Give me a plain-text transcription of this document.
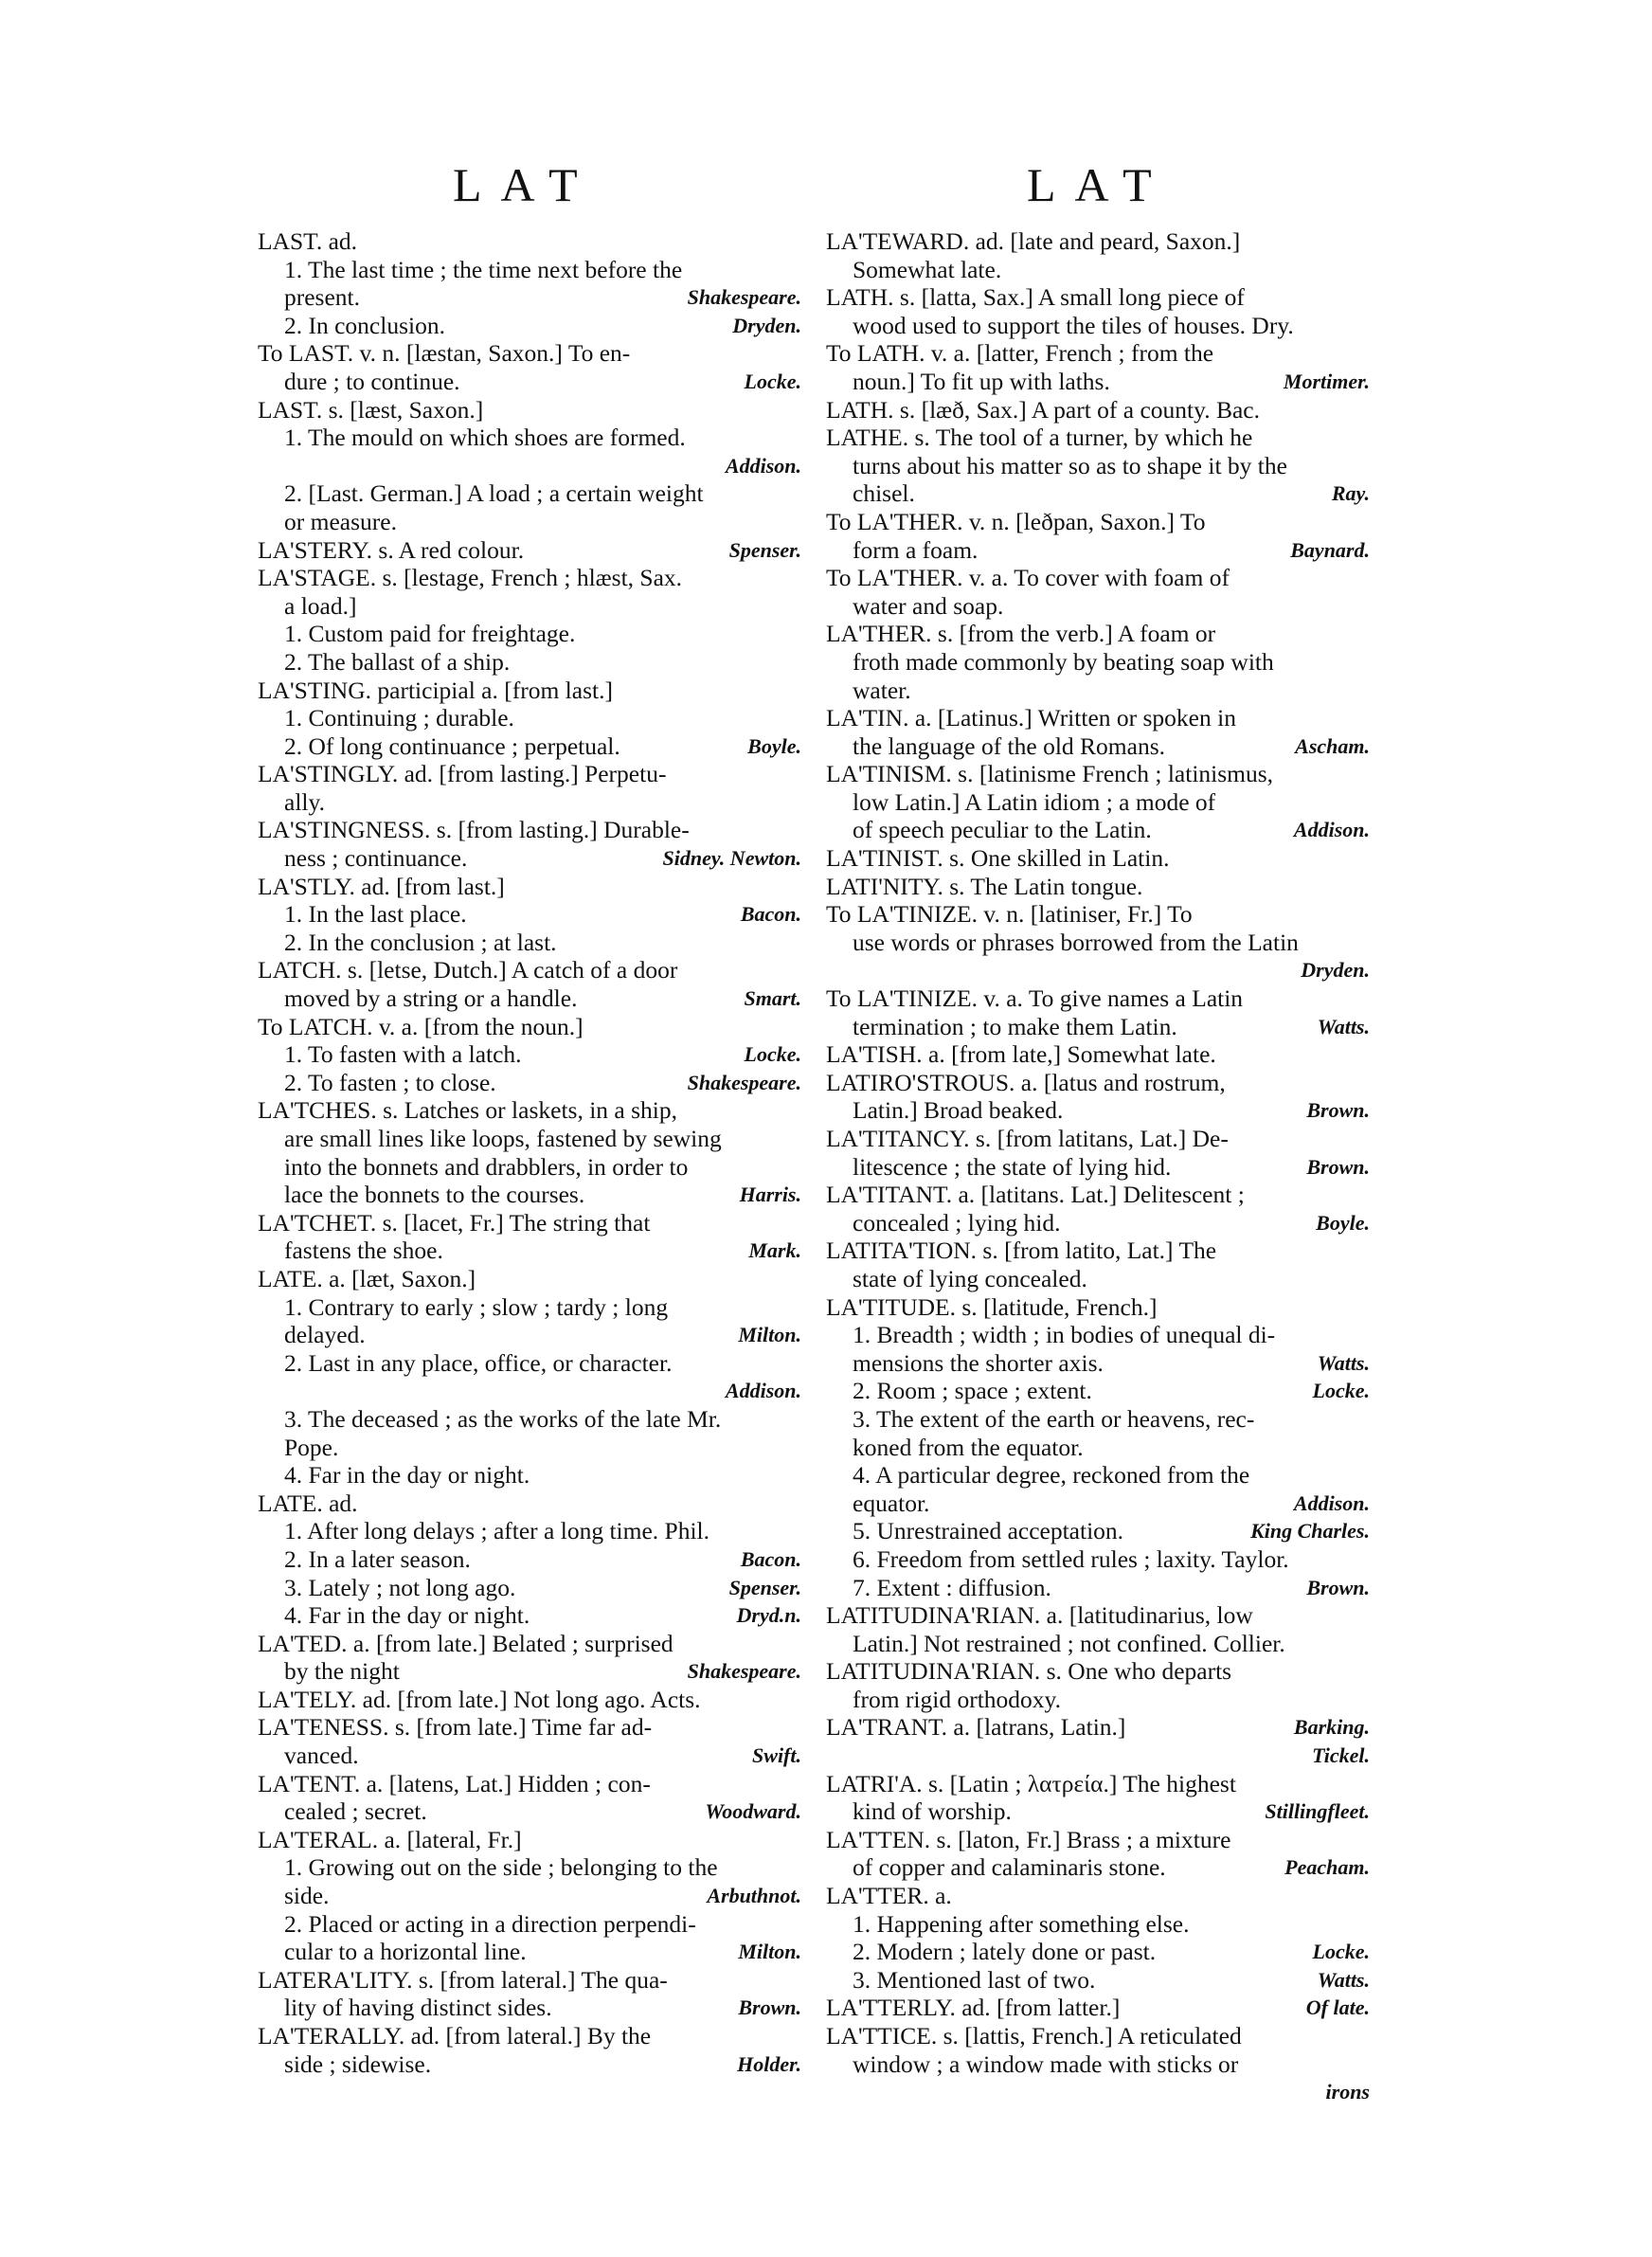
LAT	LAT
LAST. ad.
1. The last time ; the time next before the
present.	Shakespeare.
2. In conclusion.	Dryden.
To LAST. v. n. [læstan, Saxon.] To en-
dure ; to continue.	Locke.
LAST. s. [læst, Saxon.]
1. The mould on which shoes are formed.
Addison.
2. [Last. German.] A load ; a certain weight
or measure.
LA'STERY. s. A red colour.	Spenser.
LA'STAGE. s. [lestage, French ; hlæst, Sax.
a load.]
1. Custom paid for freightage.
2. The ballast of a ship.
LA'STING. participial a. [from last.]
1. Continuing ; durable.
2. Of long continuance ; perpetual.	Boyle.
LA'STINGLY. ad. [from lasting.] Perpetu-
ally.
LA'STINGNESS. s. [from lasting.] Durable-
ness ; continuance.	Sidney. Newton.
LA'STLY. ad. [from last.]
1. In the last place.	Bacon.
2. In the conclusion ; at last.
LATCH. s. [letse, Dutch.] A catch of a door
moved by a string or a handle.	Smart.
To LATCH. v. a. [from the noun.]
1. To fasten with a latch.	Locke.
2. To fasten ; to close.	Shakespeare.
LA'TCHES. s. Latches or laskets, in a ship,
are small lines like loops, fastened by sewing
into the bonnets and drabblers, in order to
lace the bonnets to the courses.	Harris.
LA'TCHET. s. [lacet, Fr.] The string that
fastens the shoe.	Mark.
LATE. a. [læt, Saxon.]
1. Contrary to early ; slow ; tardy ; long
delayed.	Milton.
2. Last in any place, office, or character.
Addison.
3. The deceased ; as the works of the late Mr.
Pope.
4. Far in the day or night.
LATE. ad.
1. After long delays ; after a long time. Phil.
2. In a later season.	Bacon.
3. Lately ; not long ago.	Spenser.
4. Far in the day or night.	Dryd.n.
LA'TED. a. [from late.] Belated ; surprised
by the night	Shakespeare.
LA'TELY. ad. [from late.] Not long ago. Acts.
LA'TENESS. s. [from late.] Time far ad-
vanced.	Swift.
LA'TENT. a. [latens, Lat.] Hidden ; con-
cealed ; secret.	Woodward.
LA'TERAL. a. [lateral, Fr.]
1. Growing out on the side ; belonging to the
side.	Arbuthnot.
2. Placed or acting in a direction perpendi-
cular to a horizontal line.	Milton.
LATERA'LITY. s. [from lateral.] The qua-
lity of having distinct sides.	Brown.
LA'TERALLY. ad. [from lateral.] By the
side ; sidewise.	Holder.
LA'TEWARD. ad. [late and peard, Saxon.]
Somewhat late.
LATH. s. [latta, Sax.] A small long piece of
wood used to support the tiles of houses. Dry.
To LATH. v. a. [latter, French ; from the
noun.] To fit up with laths.	Mortimer.
LATH. s. [læð, Sax.] A part of a county. Bac.
LATHE. s. The tool of a turner, by which he
turns about his matter so as to shape it by the
chisel.	Ray.
To LA'THER. v. n. [leðpan, Saxon.] To
form a foam.	Baynard.
To LA'THER. v. a. To cover with foam of
water and soap.
LA'THER. s. [from the verb.] A foam or
froth made commonly by beating soap with
water.
LA'TIN. a. [Latinus.] Written or spoken in
the language of the old Romans.	Ascham.
LA'TINISM. s. [latinisme French ; latinismus,
low Latin.] A Latin idiom ; a mode of
of speech peculiar to the Latin.	Addison.
LA'TINIST. s. One skilled in Latin.
LATI'NITY. s. The Latin tongue.
To LA'TINIZE. v. n. [latiniser, Fr.] To
use words or phrases borrowed from the Latin
Dryden.
To LA'TINIZE. v. a. To give names a Latin
termination ; to make them Latin.	Watts.
LA'TISH. a. [from late,] Somewhat late.
LATIRO'STROUS. a. [latus and rostrum,
Latin.] Broad beaked.	Brown.
LA'TITANCY. s. [from latitans, Lat.] De-
litescence ; the state of lying hid.	Brown.
LA'TITANT. a. [latitans. Lat.] Delitescent ;
concealed ; lying hid.	Boyle.
LATITA'TION. s. [from latito, Lat.] The
state of lying concealed.
LA'TITUDE. s. [latitude, French.]
1. Breadth ; width ; in bodies of unequal di-
mensions the shorter axis.	Watts.
2. Room ; space ; extent.	Locke.
3. The extent of the earth or heavens, rec-
koned from the equator.
4. A particular degree, reckoned from the
equator.	Addison.
5. Unrestrained acceptation.	King Charles.
6. Freedom from settled rules ; laxity. Taylor.
7. Extent : diffusion.	Brown.
LATITUDINA'RIAN. a. [latitudinarius, low
Latin.] Not restrained ; not confined. Collier.
LATITUDINA'RIAN. s. One who departs
from rigid orthodoxy.
LA'TRANT. a. [latrans, Latin.]	Barking.
Tickel.
LATRI'A. s. [Latin ; λατρεία.] The highest
kind of worship.	Stillingfleet.
LA'TTEN. s. [laton, Fr.] Brass ; a mixture
of copper and calaminaris stone.	Peacham.
LA'TTER. a.
1. Happening after something else.
2. Modern ; lately done or past.	Locke.
3. Mentioned last of two.	Watts.
LA'TTERLY. ad. [from latter.]	Of late.
LA'TTICE. s. [lattis, French.] A reticulated
window ; a window made with sticks or
irons
